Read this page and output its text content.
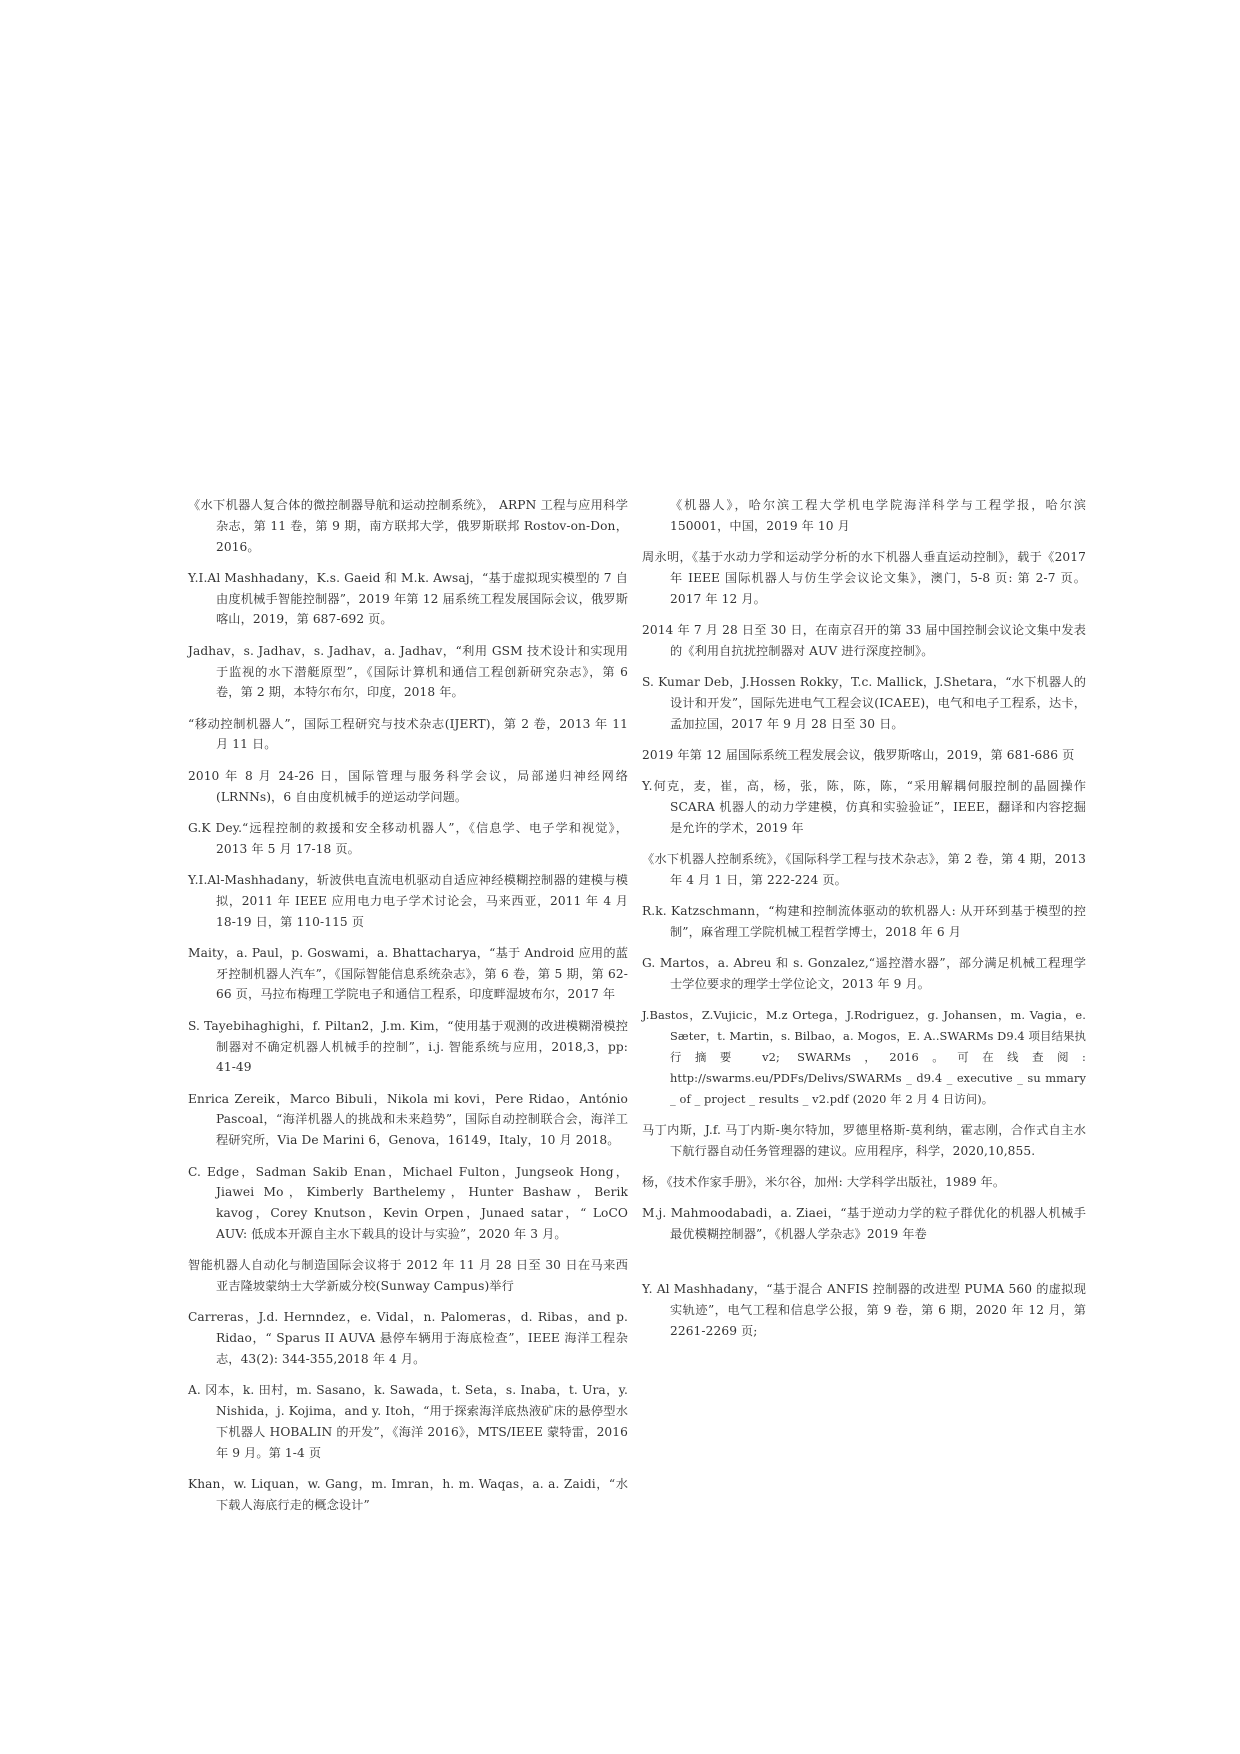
《水下机器人复合体的微控制器导航和运动控制系统》， ARPN 工程与应用科学杂志，第 11 卷，第 9 期，南方联邦大学，俄罗斯联邦 Rostov-on-Don，2016。

Y.I.Al Mashhadany，K.s. Gaeid 和 M.k. Awsaj，“基于虚拟现实模型的 7 自由度机械手智能控制器”，2019 年第 12 届系统工程发展国际会议，俄罗斯喀山，2019，第 687-692 页。

Jadhav，s. Jadhav，s. Jadhav，a. Jadhav，“利用 GSM 技术设计和实现用于监视的水下潜艇原型”，《国际计算机和通信工程创新研究杂志》，第 6 卷，第 2 期，本特尔布尔，印度，2018 年。

“移动控制机器人”，国际工程研究与技术杂志(IJERT)，第 2 卷，2013 年 11 月 11 日。

2010 年 8 月 24-26 日，国际管理与服务科学会议，局部递归神经网络(LRNNs)，6 自由度机械手的逆运动学问题。

G.K Dey.“远程控制的救援和安全移动机器人”，《信息学、电子学和视觉》，2013 年 5 月 17-18 页。

Y.I.Al-Mashhadany，斩波供电直流电机驱动自适应神经模糊控制器的建模与模拟，2011 年 IEEE 应用电力电子学术讨论会，马来西亚，2011 年 4 月 18-19 日，第 110-115 页

Maity，a. Paul，p. Goswami，a. Bhattacharya，“基于 Android 应用的蓝牙控制机器人汽车”，《国际智能信息系统杂志》，第 6 卷，第 5 期，第 62-66 页，马拉布梅理工学院电子和通信工程系，印度畔湿坡布尔，2017 年

S. Tayebihaghighi，f. Piltan2，J.m. Kim，“使用基于观测的改进模糊滑模控制器对不确定机器人机械手的控制”，i.j. 智能系统与应用，2018,3，pp: 41-49

Enrica Zereik，Marco Bibuli，Nikola mi kovi，Pere Ridao，António Pascoal，“海洋机器人的挑战和未来趋势”，国际自动控制联合会，海洋工程研究所，Via De Marini 6，Genova，16149，Italy，10 月 2018。

C. Edge，Sadman Sakib Enan，Michael Fulton，Jungseok Hong，Jiawei Mo，Kimberly Barthelemy，Hunter Bashaw，Berik kavog，Corey Knutson，Kevin Orpen，Junaed satar，“ LoCO AUV: 低成本开源自主水下载具的设计与实验”，2020 年 3 月。

智能机器人自动化与制造国际会议将于 2012 年 11 月 28 日至 30 日在马来西亚吉隆坡蒙纳士大学新威分校(Sunway Campus)举行

Carreras，J.d. Hernndez，e. Vidal，n. Palomeras，d. Ribas，and p. Ridao，“ Sparus II AUVA 悬停车辆用于海底检查”，IEEE 海洋工程杂志，43(2): 344-355,2018 年 4 月。

A. 冈本，k. 田村，m. Sasano，k. Sawada，t. Seta，s. Inaba，t. Ura，y. Nishida，j. Kojima，and y. Itoh，“用于探索海洋底热液矿床的悬停型水下机器人 HOBALIN 的开发”，《海洋 2016》，MTS/IEEE 蒙特雷，2016 年 9 月。第 1-4 页

Khan，w. Liquan，w. Gang，m. Imran，h. m. Waqas，a. a. Zaidi，“水下载人海底行走的概念设计”

《机器人》，哈尔滨工程大学机电学院海洋科学与工程学报，哈尔滨 150001，中国，2019 年 10 月

周永明，《基于水动力学和运动学分析的水下机器人垂直运动控制》，载于《2017 年 IEEE 国际机器人与仿生学会议论文集》，澳门，5-8 页: 第 2-7 页。2017 年 12 月。

2014 年 7 月 28 日至 30 日，在南京召开的第 33 届中国控制会议论文集中发表的《利用自抗扰控制器对 AUV 进行深度控制》。

S. Kumar Deb，J.Hossen Rokky，T.c. Mallick，J.Shetara，“水下机器人的设计和开发”，国际先进电气工程会议(ICAEE)，电气和电子工程系，达卡，孟加拉国，2017 年 9 月 28 日至 30 日。

2019 年第 12 届国际系统工程发展会议，俄罗斯喀山，2019，第 681-686 页

Y.何克，麦，崔，高，杨，张，陈，陈，陈，“采用解耦伺服控制的晶圆操作 SCARA 机器人的动力学建模，仿真和实验验证”，IEEE，翻译和内容挖掘是允许的学术，2019 年

《水下机器人控制系统》，《国际科学工程与技术杂志》，第 2 卷，第 4 期，2013 年 4 月 1 日，第 222-224 页。

R.k. Katzschmann，“构建和控制流体驱动的软机器人: 从开环到基于模型的控制”，麻省理工学院机械工程哲学博士，2018 年 6 月

G. Martos，a. Abreu 和 s. Gonzalez,“遥控潜水器”，部分满足机械工程理学士学位要求的理学士学位论文，2013 年 9 月。

J.Bastos，Z.Vujicic，M.z Ortega，J.Rodriguez，g. Johansen，m. Vagia，e. Sæter，t. Martin，s. Bilbao，a. Mogos，E. A..SWARMs D9.4 项目结果执行摘要 v2; SWARMs，2016。可在线查阅: http://swarms.eu/PDFs/Delivs/SWARMs _ d9.4 _ executive _ su mmary _ of _ project _ results _ v2.pdf (2020 年 2 月 4 日访问)。

马丁内斯，J.f. 马丁内斯-奥尔特加，罗德里格斯-莫利纳，霍志刚，合作式自主水下航行器自动任务管理器的建议。应用程序，科学，2020,10,855.

杨，《技术作家手册》，米尔谷，加州: 大学科学出版社，1989 年。

M.j. Mahmoodabadi，a. Ziaei，“基于逆动力学的粒子群优化的机器人机械手最优模糊控制器”，《机器人学杂志》2019 年卷

Y. Al Mashhadany，“基于混合 ANFIS 控制器的改进型 PUMA 560 的虚拟现实轨迹”，电气工程和信息学公报，第 9 卷，第 6 期，2020 年 12 月，第 2261-2269 页;
